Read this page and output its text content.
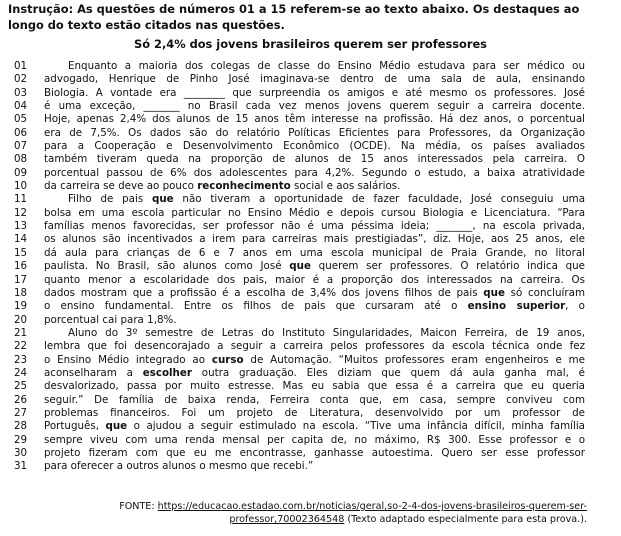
Instrução: As questões de números 01 a 15 referem-se ao texto abaixo. Os destaques ao
longo do texto estão citados nas questões.
Só 2,4% dos jovens brasileiros querem ser professores
01	Enquanto a maioria dos colegas de classe do Ensino Médio estudava para ser médico ou
02 advogado, Henrique de Pinho José imaginava-se dentro de uma sala de aula, ensinando
03 Biologia. A vontade era ________ que surpreendia os amigos e até mesmo os professores. José
04 é uma exceção, _______ no Brasil cada vez menos jovens querem seguir a carreira docente.
05 Hoje, apenas 2,4% dos alunos de 15 anos têm interesse na profissão. Há dez anos, o porcentual
06 era de 7,5%. Os dados são do relatório Políticas Eficientes para Professores, da Organização
07 para a Cooperação e Desenvolvimento Econômico (OCDE). Na média, os países avaliados
08 também tiveram queda na proporção de alunos de 15 anos interessados pela carreira. O
09 porcentual passou de 6% dos adolescentes para 4,2%. Segundo o estudo, a baixa atratividade
10 da carreira se deve ao pouco reconhecimento social e aos salários.
11	Filho de pais que não tiveram a oportunidade de fazer faculdade, José conseguiu uma
12 bolsa em uma escola particular no Ensino Médio e depois cursou Biologia e Licenciatura. “Para
13 famílias menos favorecidas, ser professor não é uma péssima ideia; _______, na escola privada,
14 os alunos são incentivados a irem para carreiras mais prestigiadas”, diz. Hoje, aos 25 anos, ele
15 dá aula para crianças de 6 e 7 anos em uma escola municipal de Praia Grande, no litoral
16 paulista. No Brasil, são alunos como José que querem ser professores. O relatório indica que
17 quanto menor a escolaridade dos pais, maior é a proporção dos interessados na carreira. Os
18 dados mostram que a profissão é a escolha de 3,4% dos jovens filhos de pais que só concluíram
19 o ensino fundamental. Entre os filhos de pais que cursaram até o ensino superior, o
20 porcentual cai para 1,8%.
21	Aluno do 3º semestre de Letras do Instituto Singularidades, Maicon Ferreira, de 19 anos,
22 lembra que foi desencorajado a seguir a carreira pelos professores da escola técnica onde fez
23 o Ensino Médio integrado ao curso de Automação. “Muitos professores eram engenheiros e me
24 aconselharam a escolher outra graduação. Eles diziam que quem dá aula ganha mal, é
25 desvalorizado, passa por muito estresse. Mas eu sabia que essa é a carreira que eu queria
26 seguir.” De família de baixa renda, Ferreira conta que, em casa, sempre conviveu com
27 problemas financeiros. Foi um projeto de Literatura, desenvolvido por um professor de
28 Português, que o ajudou a seguir estimulado na escola. “Tive uma infância difícil, minha família
29 sempre viveu com uma renda mensal per capita de, no máximo, R$ 300. Esse professor e o
30 projeto fizeram com que eu me encontrasse, ganhasse autoestima. Quero ser esse professor
31 para oferecer a outros alunos o mesmo que recebi.”
FONTE: https://educacao.estadao.com.br/noticias/geral,so-2-4-dos-jovens-brasileiros-querem-ser-
professor,70002364548 (Texto adaptado especialmente para esta prova.).
